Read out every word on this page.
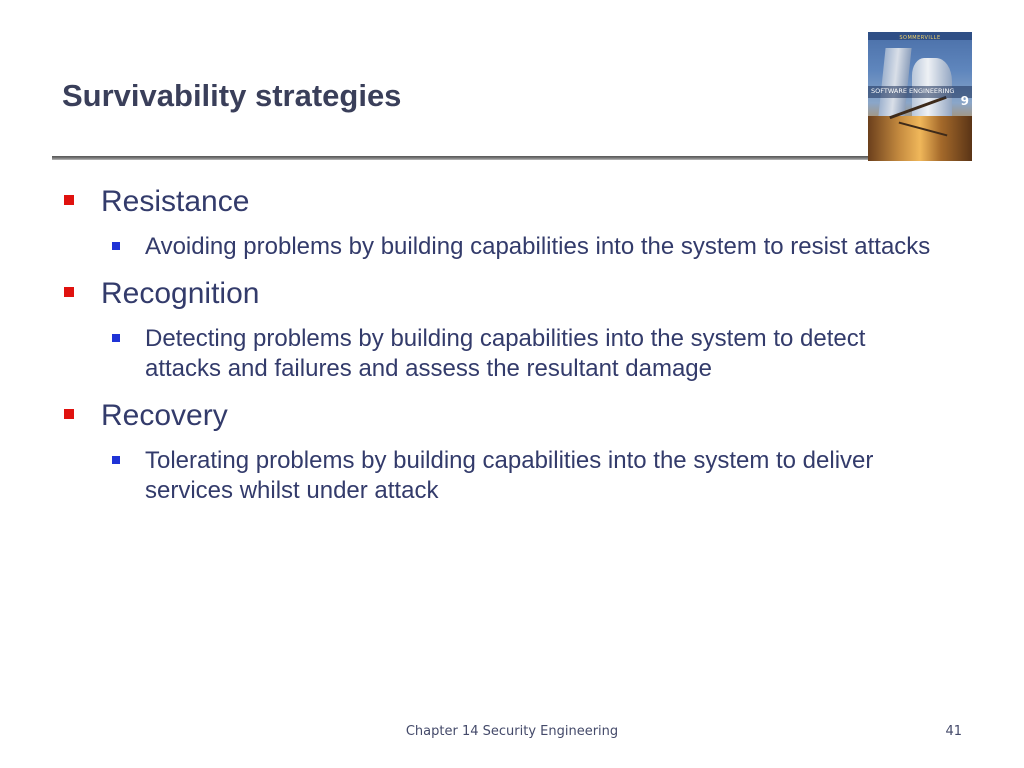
Survivability strategies
SOMMERVILLE
SOFTWARE ENGINEERING
9
Resistance
Avoiding problems by building capabilities into the system to resist attacks
Recognition
Detecting problems by building capabilities into the system to detect attacks and failures and assess the resultant damage
Recovery
Tolerating problems by building capabilities into the system to deliver services whilst under attack
Chapter 14 Security Engineering	41
